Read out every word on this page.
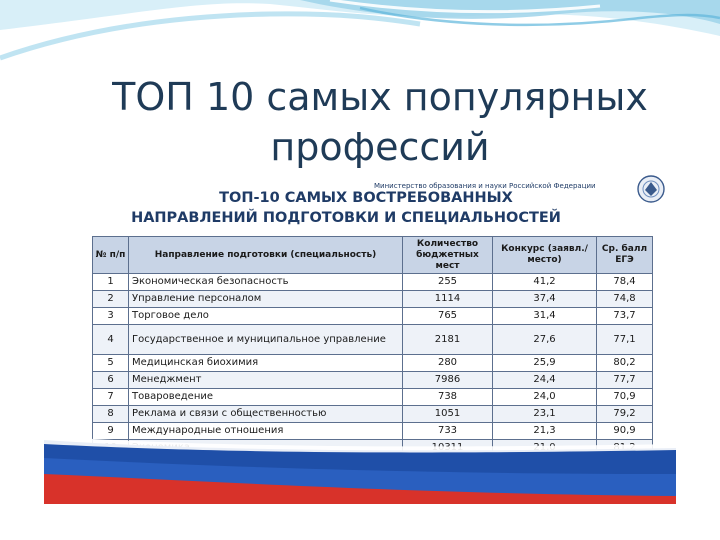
ТОП 10 самых популярных
профессий
Министерство образования и науки Российской Федерации
ТОП-10 САМЫХ ВОСТРЕБОВАННЫХ
НАПРАВЛЕНИЙ ПОДГОТОВКИ И СПЕЦИАЛЬНОСТЕЙ
№ п/п	Направление подготовки (специальность)	Количество бюджетных мест	Конкурс (заявл./место)	Ср. балл ЕГЭ
1	Экономическая безопасность	255	41,2	78,4
2	Управление персоналом	1114	37,4	74,8
3	Торговое дело	765	31,4	73,7
4	Государственное и муниципальное управление	2181	27,6	77,1
5	Медицинская биохимия	280	25,9	80,2
6	Менеджмент	7986	24,4	77,7
7	Товароведение	738	24,0	70,9
8	Реклама и связи с общественностью	1051	23,1	79,2
9	Международные отношения	733	21,3	90,9
